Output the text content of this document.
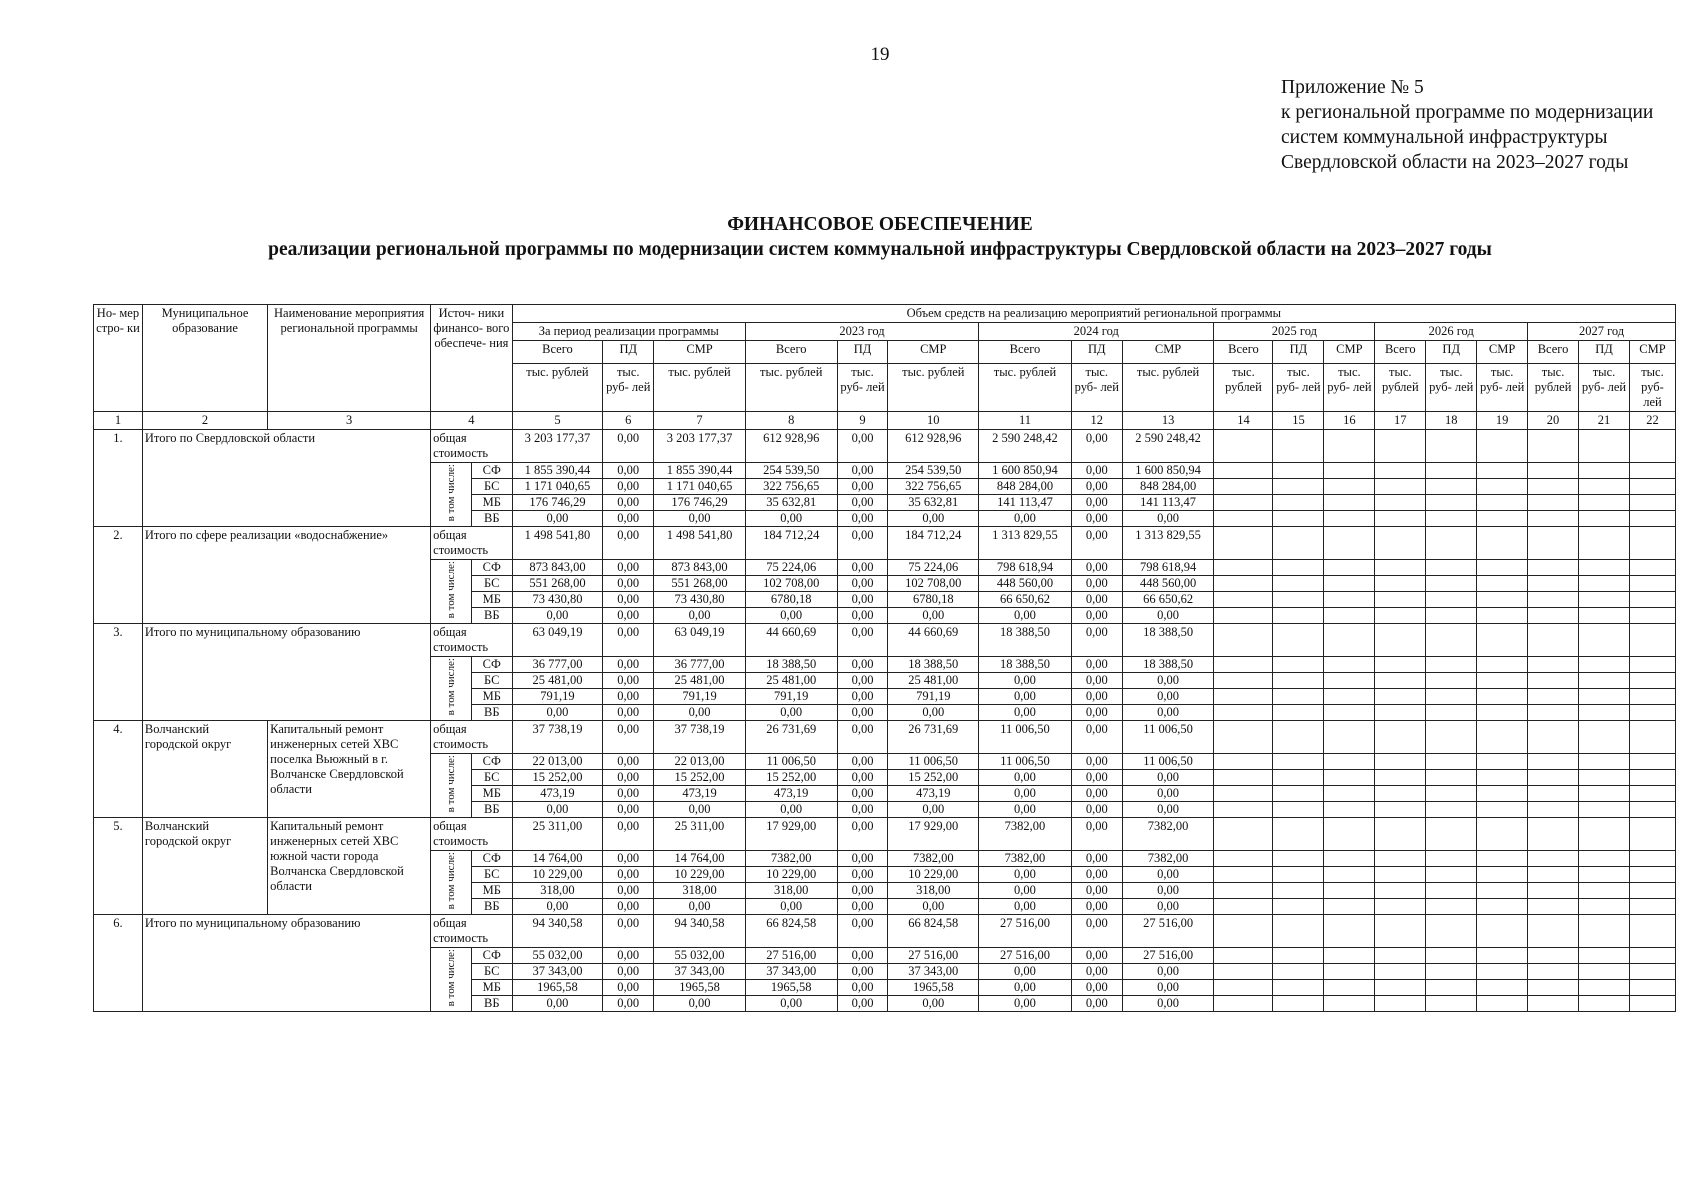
19
Приложение № 5
к региональной программе по модернизации
систем коммунальной инфраструктуры
Свердловской области на 2023–2027 годы
ФИНАНСОВОЕ ОБЕСПЕЧЕНИЕ
реализации региональной программы по модернизации систем коммунальной инфраструктуры Свердловской области на 2023–2027 годы
Но- мер стро- ки	Муниципальное образование	Наименование мероприятия региональной программы	Источ- ники финансо- вого обеспече- ния		Объем средств на реализацию мероприятий региональной программы																	
					За период реализации программы			2023 год			2024 год			2025 год			2026 год			2027 год		
					Всего	ПД	СМР	Всего	ПД	СМР	Всего	ПД	СМР	Всего	ПД	СМР	Всего	ПД	СМР	Всего	ПД	СМР
					тыс. рублей	тыс. руб- лей	тыс. рублей	тыс. рублей	тыс. руб- лей	тыс. рублей	тыс. рублей	тыс. руб- лей	тыс. рублей	тыс. рублей	тыс. руб- лей	тыс. руб- лей	тыс. рублей	тыс. руб- лей	тыс. руб- лей	тыс. рублей	тыс. руб- лей	тыс. руб- лей
1	2	3	4		5	6	7	8	9	10	11	12	13	14	15	16	17	18	19	20	21	22
1.	Итого по Свердловской области		общая стоимость		3 203 177,37	0,00	3 203 177,37	612 928,96	0,00	612 928,96	2 590 248,42	0,00	2 590 248,42									
			в том числе:	СФ	1 855 390,44	0,00	1 855 390,44	254 539,50	0,00	254 539,50	1 600 850,94	0,00	1 600 850,94									
				БС	1 171 040,65	0,00	1 171 040,65	322 756,65	0,00	322 756,65	848 284,00	0,00	848 284,00									
				МБ	176 746,29	0,00	176 746,29	35 632,81	0,00	35 632,81	141 113,47	0,00	141 113,47									
				ВБ	0,00	0,00	0,00	0,00	0,00	0,00	0,00	0,00	0,00									
2.	Итого по сфере реализации «водоснабжение»		общая стоимость		1 498 541,80	0,00	1 498 541,80	184 712,24	0,00	184 712,24	1 313 829,55	0,00	1 313 829,55									
			в том числе:	СФ	873 843,00	0,00	873 843,00	75 224,06	0,00	75 224,06	798 618,94	0,00	798 618,94									
				БС	551 268,00	0,00	551 268,00	102 708,00	0,00	102 708,00	448 560,00	0,00	448 560,00									
				МБ	73 430,80	0,00	73 430,80	6780,18	0,00	6780,18	66 650,62	0,00	66 650,62									
				ВБ	0,00	0,00	0,00	0,00	0,00	0,00	0,00	0,00	0,00									
3.	Итого по муниципальному образованию		общая стоимость		63 049,19	0,00	63 049,19	44 660,69	0,00	44 660,69	18 388,50	0,00	18 388,50									
			в том числе:	СФ	36 777,00	0,00	36 777,00	18 388,50	0,00	18 388,50	18 388,50	0,00	18 388,50									
				БС	25 481,00	0,00	25 481,00	25 481,00	0,00	25 481,00	0,00	0,00	0,00									
				МБ	791,19	0,00	791,19	791,19	0,00	791,19	0,00	0,00	0,00									
				ВБ	0,00	0,00	0,00	0,00	0,00	0,00	0,00	0,00	0,00									
4.	Волчанский городской округ	Капитальный ремонт инженерных сетей ХВС поселка Вьюжный в г. Волчанске Свердловской области	общая стоимость		37 738,19	0,00	37 738,19	26 731,69	0,00	26 731,69	11 006,50	0,00	11 006,50									
			в том числе:	СФ	22 013,00	0,00	22 013,00	11 006,50	0,00	11 006,50	11 006,50	0,00	11 006,50									
				БС	15 252,00	0,00	15 252,00	15 252,00	0,00	15 252,00	0,00	0,00	0,00									
				МБ	473,19	0,00	473,19	473,19	0,00	473,19	0,00	0,00	0,00									
				ВБ	0,00	0,00	0,00	0,00	0,00	0,00	0,00	0,00	0,00									
5.	Волчанский городской округ	Капитальный ремонт инженерных сетей ХВС южной части города Волчанска Свердловской области	общая стоимость		25 311,00	0,00	25 311,00	17 929,00	0,00	17 929,00	7382,00	0,00	7382,00									
			в том числе:	СФ	14 764,00	0,00	14 764,00	7382,00	0,00	7382,00	7382,00	0,00	7382,00									
				БС	10 229,00	0,00	10 229,00	10 229,00	0,00	10 229,00	0,00	0,00	0,00									
				МБ	318,00	0,00	318,00	318,00	0,00	318,00	0,00	0,00	0,00									
				ВБ	0,00	0,00	0,00	0,00	0,00	0,00	0,00	0,00	0,00									
6.	Итого по муниципальному образованию		общая стоимость		94 340,58	0,00	94 340,58	66 824,58	0,00	66 824,58	27 516,00	0,00	27 516,00									
			в том числе:	СФ	55 032,00	0,00	55 032,00	27 516,00	0,00	27 516,00	27 516,00	0,00	27 516,00									
				БС	37 343,00	0,00	37 343,00	37 343,00	0,00	37 343,00	0,00	0,00	0,00									
				МБ	1965,58	0,00	1965,58	1965,58	0,00	1965,58	0,00	0,00	0,00									
				ВБ	0,00	0,00	0,00	0,00	0,00	0,00	0,00	0,00	0,00									
